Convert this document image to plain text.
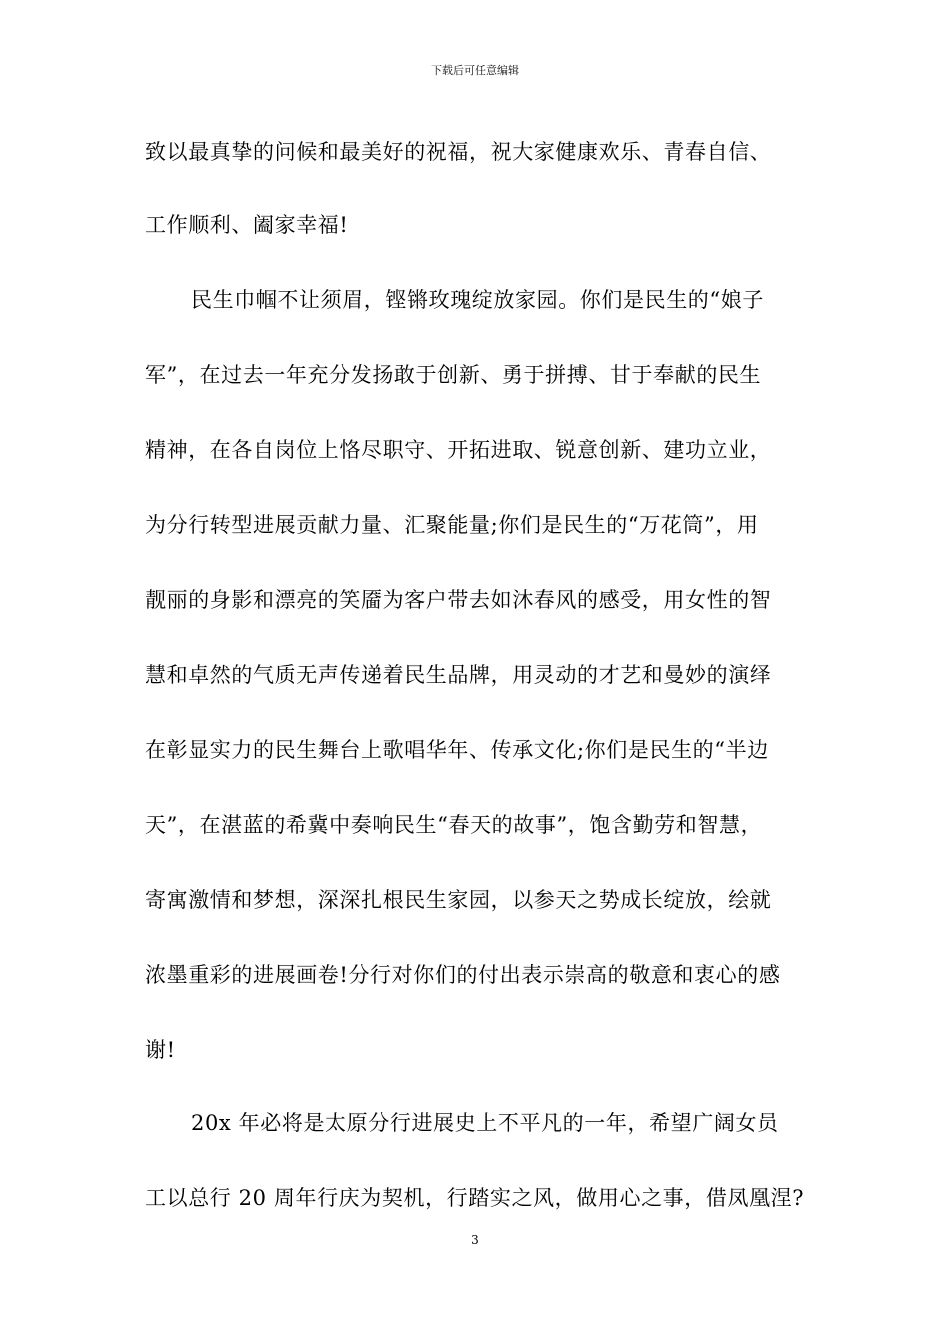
下载后可任意编辑
致以最真挚的问候和最美好的祝福，祝大家健康欢乐、青春自信、
工作顺利、阖家幸福!
民生巾帼不让须眉，铿锵玫瑰绽放家园。你们是民生的“娘子
军”，在过去一年充分发扬敢于创新、勇于拼搏、甘于奉献的民生
精神，在各自岗位上恪尽职守、开拓进取、锐意创新、建功立业，
为分行转型进展贡献力量、汇聚能量;你们是民生的“万花筒”，用
靓丽的身影和漂亮的笑靥为客户带去如沐春风的感受，用女性的智
慧和卓然的气质无声传递着民生品牌，用灵动的才艺和曼妙的演绎
在彰显实力的民生舞台上歌唱华年、传承文化;你们是民生的“半边
天”，在湛蓝的希冀中奏响民生“春天的故事”，饱含勤劳和智慧，
寄寓激情和梦想，深深扎根民生家园，以参天之势成长绽放，绘就
浓墨重彩的进展画卷!分行对你们的付出表示崇高的敬意和衷心的感
谢!
20x 年必将是太原分行进展史上不平凡的一年，希望广阔女员
工以总行 20 周年行庆为契机，行踏实之风，做用心之事，借凤凰涅?
3
